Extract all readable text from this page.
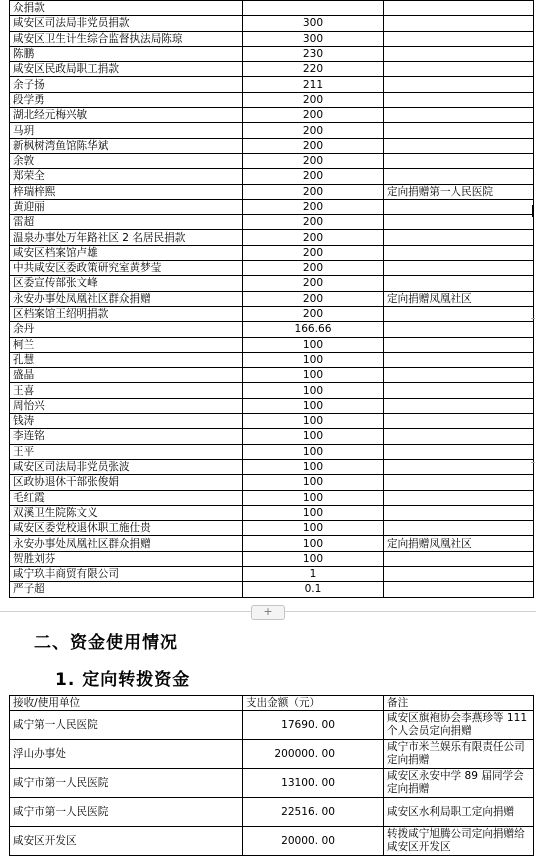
众捐款		
咸安区司法局非党员捐款	300	
咸安区卫生计生综合监督执法局陈琼	300	
陈鹏	230	
咸安区民政局职工捐款	220	
余子扬	211	
段学勇	200	
湖北经元梅兴敏	200	
马玥	200	
新枫树湾鱼馆陈华斌	200	
余敦	200	
郑荣全	200	
梓瑞梓熙	200	定向捐赠第一人民医院
黄迎丽	200	
雷超	200	
温泉办事处万年路社区 2 名居民捐款	200	
咸安区档案馆卢雄	200	
中共咸安区委政策研究室黄梦莹	200	
区委宣传部张文峰	200	
永安办事处凤凰社区群众捐赠	200	定向捐赠凤凰社区
区档案馆王绍明捐款	200	
余丹	166.66	
柯兰	100	
孔慧	100	
盛晶	100	
王喜	100	
周怡兴	100	
钱涛	100	
李连铭	100	
王平	100	
咸安区司法局非党员张波	100	
区政协退休干部张俊娟	100	
毛红霞	100	
双溪卫生院陈文义	100	
咸安区委党校退休职工施仕贵	100	
永安办事处凤凰社区群众捐赠	100	定向捐赠凤凰社区
贺胜刘芬	100	
咸宁玖丰商贸有限公司	1	
严子超	0.1	
+
二、资金使用情况
1. 定向转拨资金
接收/使用单位	支出金额（元）	备注
咸宁第一人民医院	17690. 00	咸安区旗袍协会李燕珍等 111 个人会员定向捐赠
浮山办事处	200000. 00	咸宁市米兰娱乐有限责任公司定向捐赠
咸宁市第一人民医院	13100. 00	咸安区永安中学 89 届同学会定向捐赠
咸宁市第一人民医院	22516. 00	咸安区水利局职工定向捐赠
咸安区开发区	20000. 00	转拨咸宁旭腾公司定向捐赠给咸安区开发区
